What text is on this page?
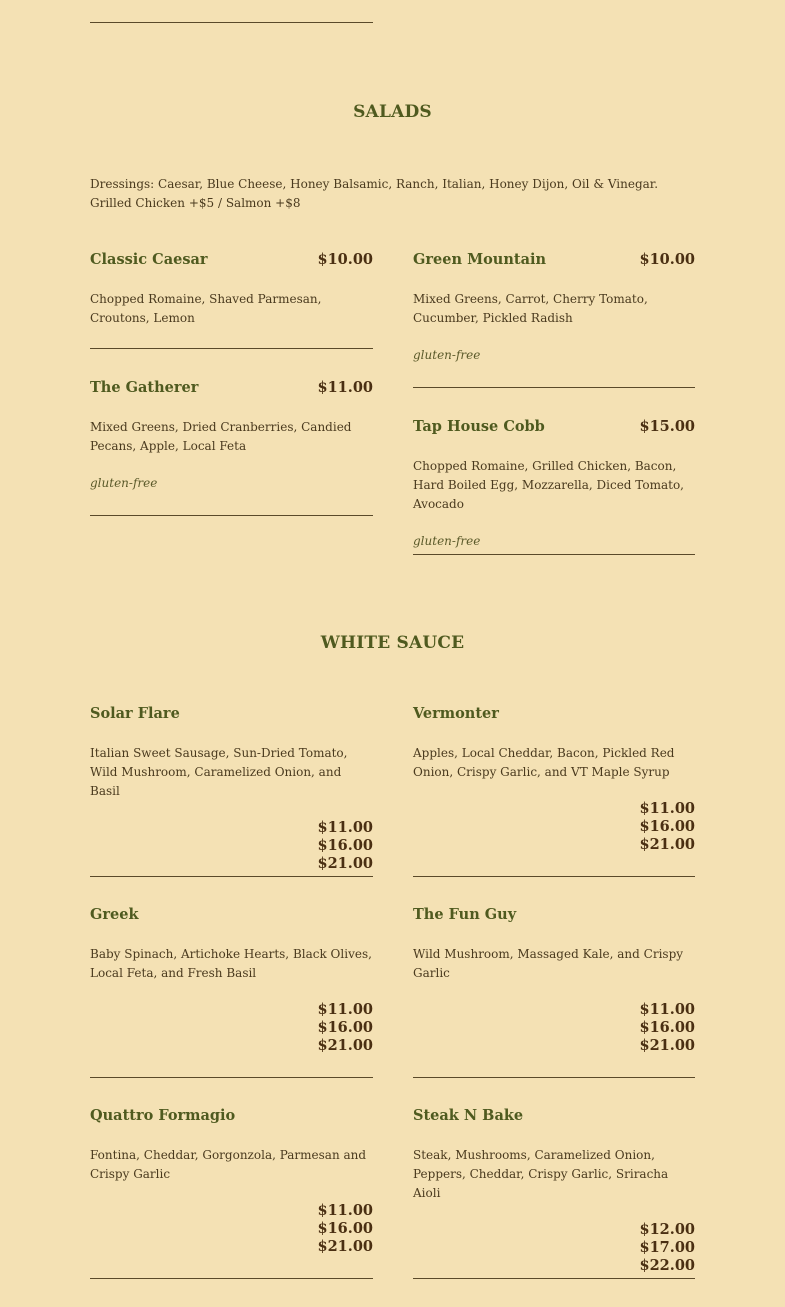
SALADS
Dressings: Caesar, Blue Cheese, Honey Balsamic, Ranch, Italian, Honey Dijon, Oil & Vinegar. Grilled Chicken +$5 / Salmon +$8
Classic Caesar	$10.00
Chopped Romaine, Shaved Parmesan, Croutons, Lemon
Green Mountain	$10.00
Mixed Greens, Carrot, Cherry Tomato, Cucumber, Pickled Radish
gluten-free
The Gatherer	$11.00
Mixed Greens, Dried Cranberries, Candied Pecans, Apple, Local Feta
gluten-free
Tap House Cobb	$15.00
Chopped Romaine, Grilled Chicken, Bacon, Hard Boiled Egg, Mozzarella, Diced Tomato, Avocado
gluten-free
WHITE SAUCE
Solar Flare
Italian Sweet Sausage, Sun-Dried Tomato, Wild Mushroom, Caramelized Onion, and Basil
$11.00
$16.00
$21.00
Vermonter
Apples, Local Cheddar, Bacon, Pickled Red Onion, Crispy Garlic, and VT Maple Syrup
$11.00
$16.00
$21.00
Greek
Baby Spinach, Artichoke Hearts, Black Olives, Local Feta, and Fresh Basil
$11.00
$16.00
$21.00
The Fun Guy
Wild Mushroom, Massaged Kale, and Crispy Garlic
$11.00
$16.00
$21.00
Quattro Formagio
Fontina, Cheddar, Gorgonzola, Parmesan and Crispy Garlic
$11.00
$16.00
$21.00
Steak N Bake
Steak, Mushrooms, Caramelized Onion, Peppers, Cheddar, Crispy Garlic, Sriracha Aioli
$12.00
$17.00
$22.00
